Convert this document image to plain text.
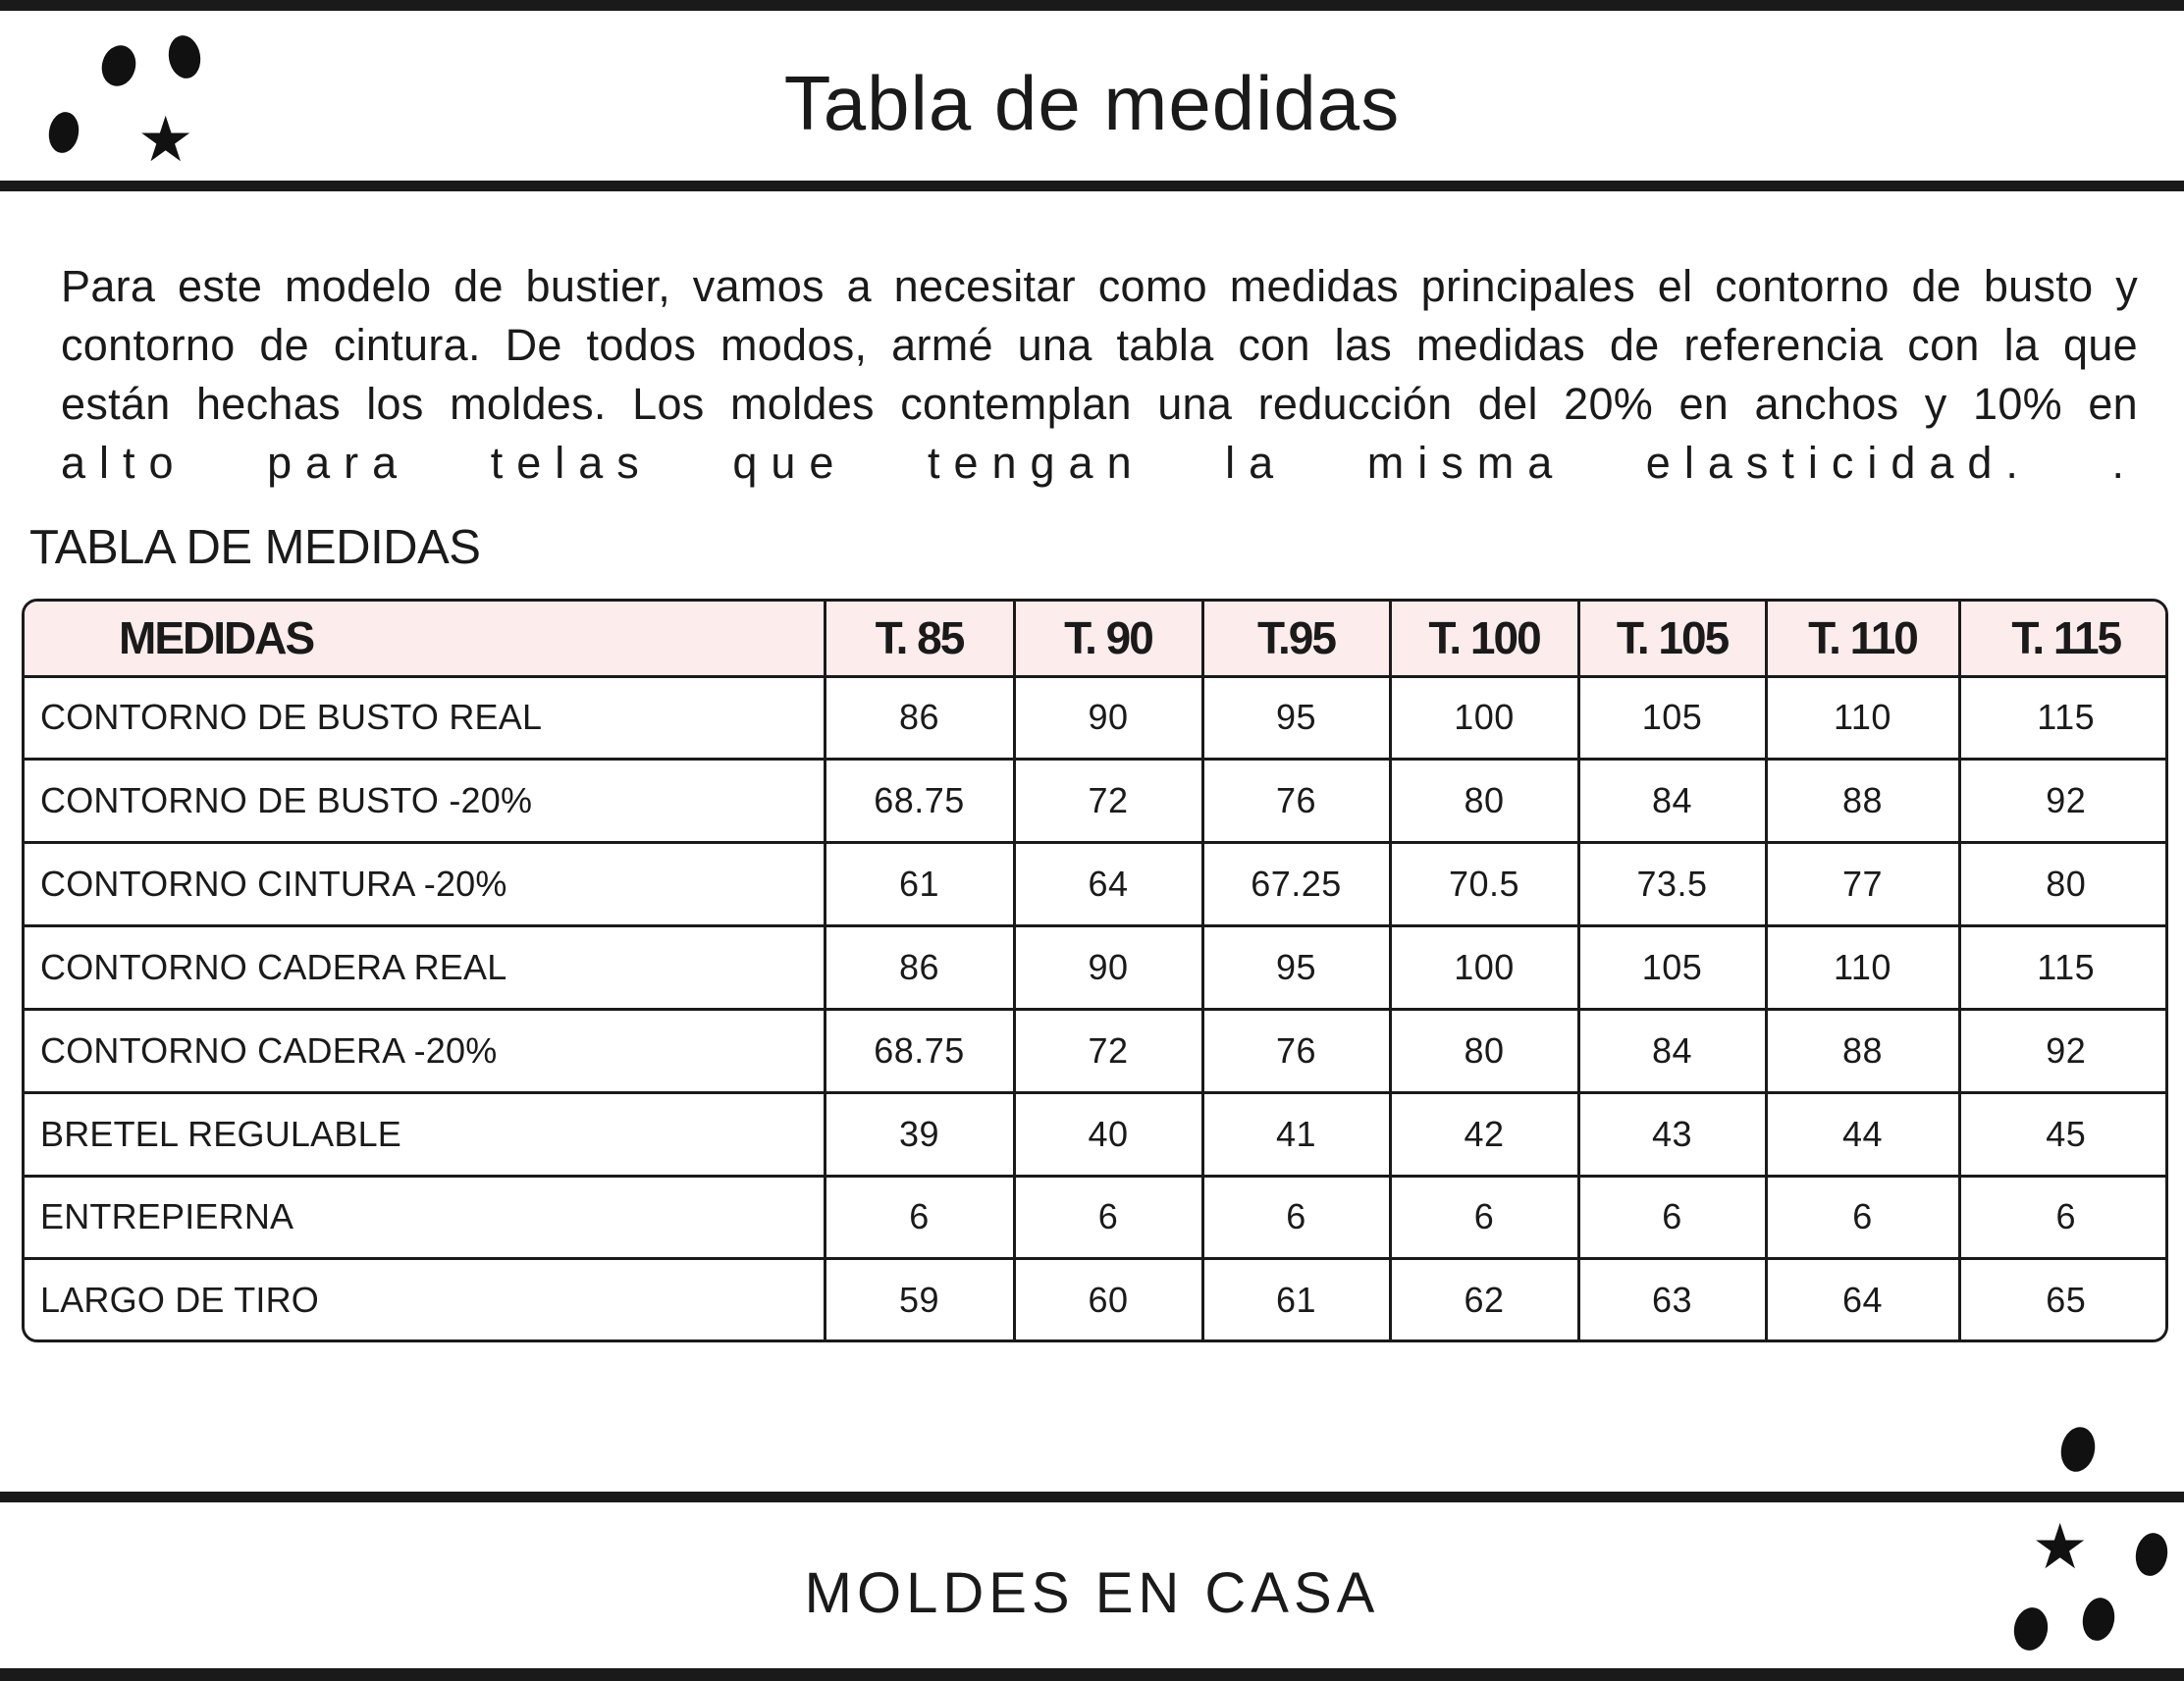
★	Tabla de medidas
Para este modelo de bustier, vamos a necesitar como medidas principales el contorno de busto y
contorno de cintura. De todos modos, armé una tabla con las medidas de referencia con la que
están hechas los moldes. Los moldes contemplan una reducción del 20% en anchos y 10% en
alto para telas que tengan la misma elasticidad. .
TABLA DE MEDIDAS
MEDIDAS	T. 85	T. 90	T.95	T. 100	T. 105	T. 110	T. 115
CONTORNO DE BUSTO REAL	86	90	95	100	105	110	115
CONTORNO DE BUSTO -20%	68.75	72	76	80	84	88	92
CONTORNO CINTURA -20%	61	64	67.25	70.5	73.5	77	80
CONTORNO CADERA REAL	86	90	95	100	105	110	115
CONTORNO CADERA -20%	68.75	72	76	80	84	88	92
BRETEL REGULABLE	39	40	41	42	43	44	45
ENTREPIERNA	6	6	6	6	6	6	6
LARGO DE TIRO	59	60	61	62	63	64	65
MOLDES EN CASA
★
